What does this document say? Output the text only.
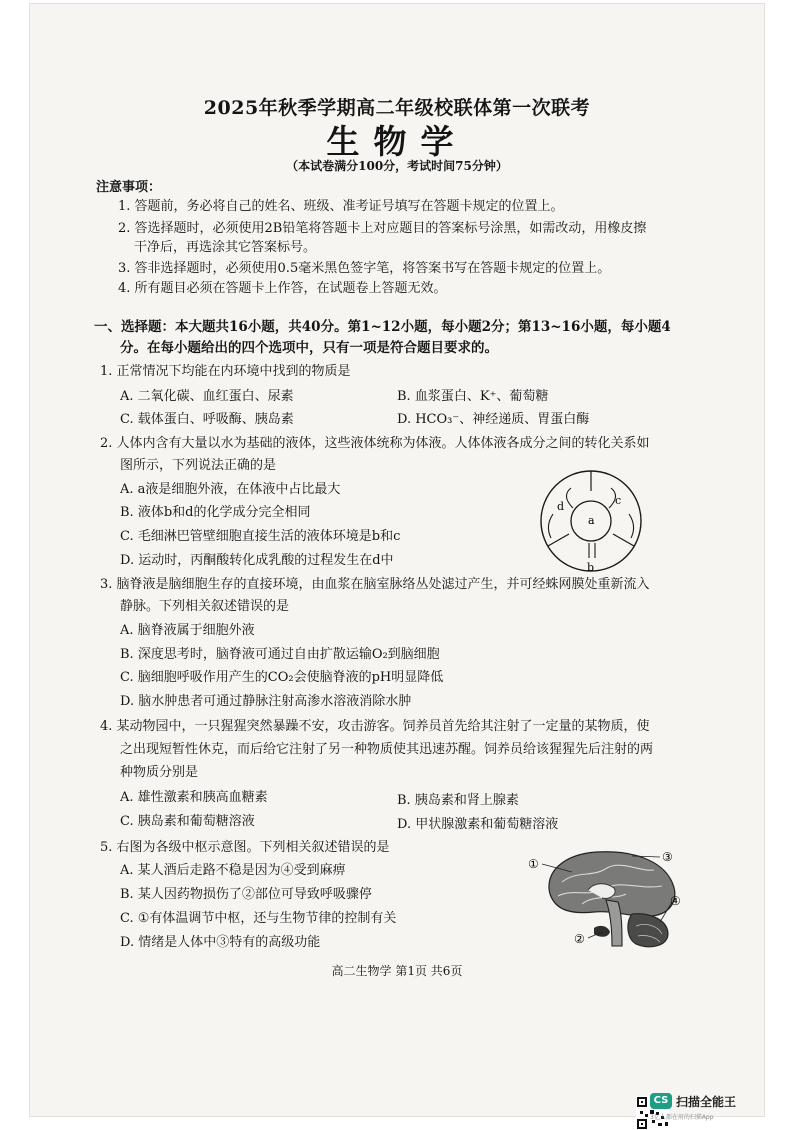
2025年秋季学期高二年级校联体第一次联考
生物学
（本试卷满分100分，考试时间75分钟）
注意事项：
1. 答题前，务必将自己的姓名、班级、准考证号填写在答题卡规定的位置上。
2. 答选择题时，必须使用2B铅笔将答题卡上对应题目的答案标号涂黑，如需改动，用橡皮擦
干净后，再选涂其它答案标号。
3. 答非选择题时，必须使用0.5毫米黑色签字笔，将答案书写在答题卡规定的位置上。
4. 所有题目必须在答题卡上作答，在试题卷上答题无效。
一、选择题：本大题共16小题，共40分。第1~12小题，每小题2分；第13~16小题，每小题4
分。在每小题给出的四个选项中，只有一项是符合题目要求的。
1. 正常情况下均能在内环境中找到的物质是
A. 二氧化碳、血红蛋白、尿素	B. 血浆蛋白、K⁺、葡萄糖
C. 载体蛋白、呼吸酶、胰岛素	D. HCO₃⁻、神经递质、胃蛋白酶
2. 人体内含有大量以水为基础的液体，这些液体统称为体液。人体体液各成分之间的转化关系如
图所示，下列说法正确的是
A. a液是细胞外液，在体液中占比最大
B. 液体b和d的化学成分完全相同
C. 毛细淋巴管壁细胞直接生活的液体环境是b和c
D. 运动时，丙酮酸转化成乳酸的过程发生在d中
a
b
c
d
3. 脑脊液是脑细胞生存的直接环境，由血浆在脑室脉络丛处滤过产生，并可经蛛网膜处重新流入
静脉。下列相关叙述错误的是
A. 脑脊液属于细胞外液
B. 深度思考时，脑脊液可通过自由扩散运输O₂到脑细胞
C. 脑细胞呼吸作用产生的CO₂会使脑脊液的pH明显降低
D. 脑水肿患者可通过静脉注射高渗水溶液消除水肿
4. 某动物园中，一只猩猩突然暴躁不安，攻击游客。饲养员首先给其注射了一定量的某物质，使
之出现短暂性休克，而后给它注射了另一种物质使其迅速苏醒。饲养员给该猩猩先后注射的两
种物质分别是
A. 雄性激素和胰高血糖素	B. 胰岛素和肾上腺素
C. 胰岛素和葡萄糖溶液	D. 甲状腺激素和葡萄糖溶液
5. 右图为各级中枢示意图。下列相关叙述错误的是
A. 某人酒后走路不稳是因为④受到麻痹
B. 某人因药物损伤了②部位可导致呼吸骤停
C. ①有体温调节中枢，还与生物节律的控制有关
D. 情绪是人体中③特有的高级功能
①
②
③
④
高二生物学 第1页 共6页
CS 扫描全能王
3亿人都在用的扫描App
